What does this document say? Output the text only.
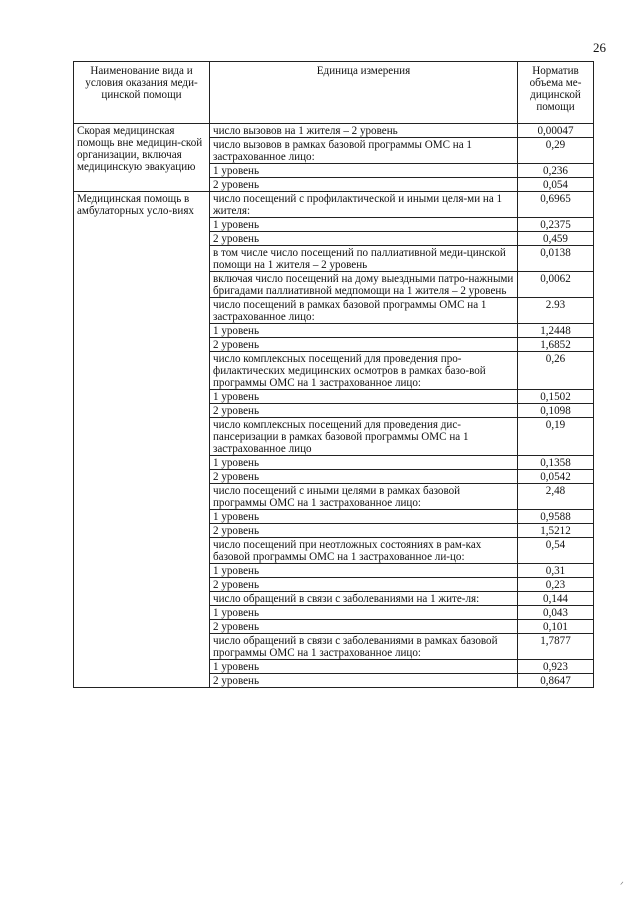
26
Наименование вида и условия оказания меди-цинской помощи	Единица измерения	Норматив объема ме-дицинской помощи
Скорая медицинская помощь вне медицин-ской организации, включая медицинскую эвакуацию	число вызовов на 1 жителя – 2 уровень	0,00047
	число вызовов в рамках базовой программы ОМС на 1 застрахованное лицо:	0,29
	1 уровень	0,236
	2 уровень	0,054
Медицинская помощь в амбулаторных усло-виях	число посещений с профилактической и иными целя-ми на 1 жителя:	0,6965
	1 уровень	0,2375
	2 уровень	0,459
	в том числе число посещений по паллиативной меди-цинской помощи на 1 жителя – 2 уровень	0,0138
	включая число посещений на дому выездными патро-нажными бригадами паллиативной медпомощи на 1 жителя – 2 уровень	0,0062
	число посещений в рамках базовой программы ОМС на 1 застрахованное лицо:	2.93
	1 уровень	1,2448
	2 уровень	1,6852
	число комплексных посещений для проведения про-филактических медицинских осмотров в рамках базо-вой программы ОМС на 1 застрахованное лицо:	0,26
	1 уровень	0,1502
	2 уровень	0,1098
	число комплексных посещений для проведения дис-пансеризации в рамках базовой программы ОМС на 1 застрахованное лицо	0,19
	1 уровень	0,1358
	2 уровень	0,0542
	число посещений с иными целями в рамках базовой программы ОМС на 1 застрахованное лицо:	2,48
	1 уровень	0,9588
	2 уровень	1,5212
	число посещений при неотложных состояниях в рам-ках базовой программы ОМС на 1 застрахованное ли-цо:	0,54
	1 уровень	0,31
	2 уровень	0,23
	число обращений в связи с заболеваниями на 1 жите-ля:	0,144
	1 уровень	0,043
	2 уровень	0,101
	число обращений в связи с заболеваниями в рамках базовой программы ОМС на 1 застрахованное лицо:	1,7877
	1 уровень	0,923
	2 уровень	0,8647
ᐟ
